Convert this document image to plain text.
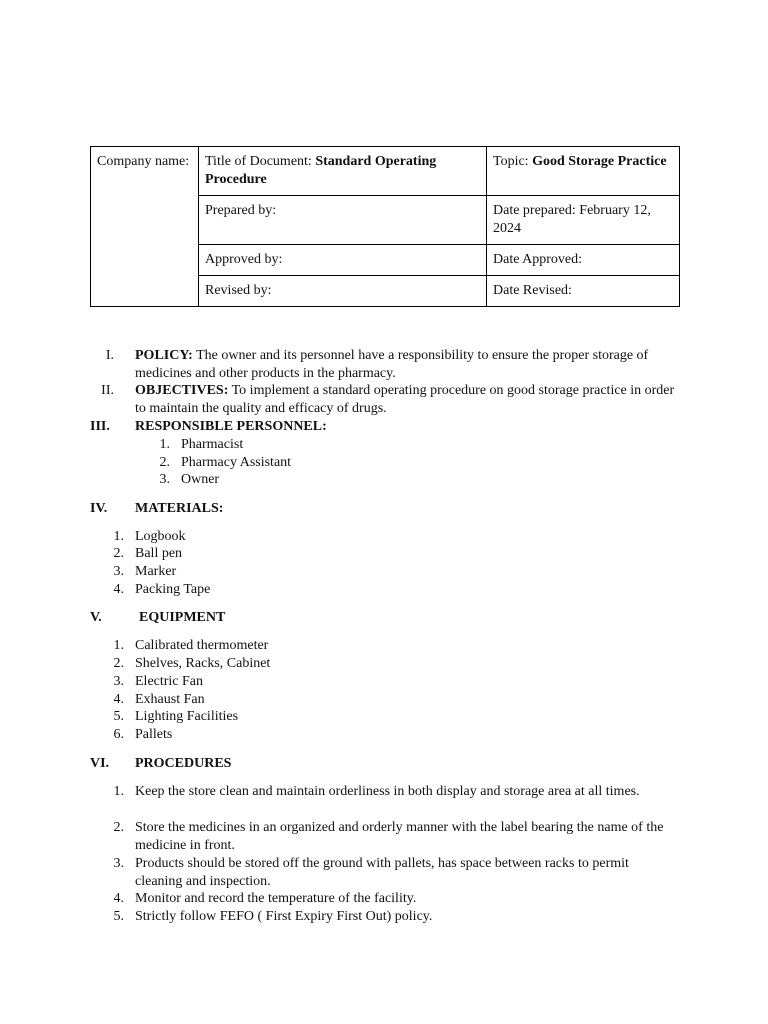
Company name:	Title of Document: Standard Operating Procedure	Topic: Good Storage Practice
	Prepared by:	Date prepared: February 12, 2024
	Approved by:	Date Approved:
	Revised by:	Date Revised:
I. POLICY: The owner and its personnel have a responsibility to ensure the proper storage of medicines and other products in the pharmacy.
II. OBJECTIVES: To implement a standard operating procedure on good storage practice in order to maintain the quality and efficacy of drugs.
III. RESPONSIBLE PERSONNEL:
1. Pharmacist
2. Pharmacy Assistant
3. Owner
IV. MATERIALS:
1. Logbook
2. Ball pen
3. Marker
4. Packing Tape
V.	EQUIPMENT
1. Calibrated thermometer
2. Shelves, Racks, Cabinet
3. Electric Fan
4. Exhaust Fan
5. Lighting Facilities
6. Pallets
VI. PROCEDURES
1. Keep the store clean and maintain orderliness in both display and storage area at all times.
2. Store the medicines in an organized and orderly manner with the label bearing the name of the medicine in front.
3. Products should be stored off the ground with pallets, has space between racks to permit cleaning and inspection.
4. Monitor and record the temperature of the facility.
5. Strictly follow FEFO ( First Expiry First Out) policy.
